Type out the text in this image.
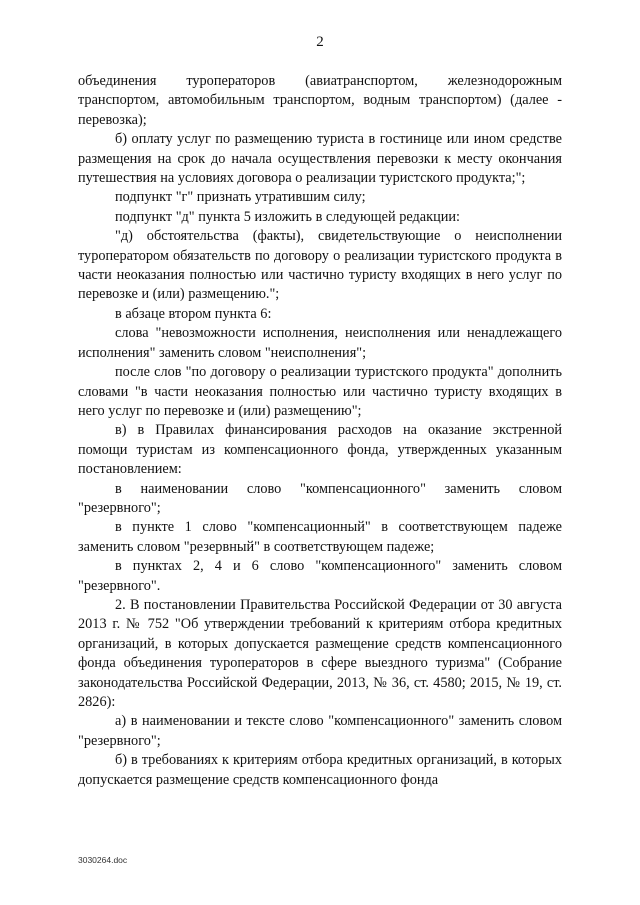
2

объединения туроператоров (авиатранспортом, железнодорожным транспортом, автомобильным транспортом, водным транспортом) (далее - перевозка);

б) оплату услуг по размещению туриста в гостинице или ином средстве размещения на срок до начала осуществления перевозки к месту окончания путешествия на условиях договора о реализации туристского продукта;";

подпункт "г" признать утратившим силу;

подпункт "д" пункта 5 изложить в следующей редакции:

"д) обстоятельства (факты), свидетельствующие о неисполнении туроператором обязательств по договору о реализации туристского продукта в части неоказания полностью или частично туристу входящих в него услуг по перевозке и (или) размещению.";

в абзаце втором пункта 6:

слова "невозможности исполнения, неисполнения или ненадлежащего исполнения" заменить словом "неисполнения";

после слов "по договору о реализации туристского продукта" дополнить словами "в части неоказания полностью или частично туристу входящих в него услуг по перевозке и (или) размещению";

в) в Правилах финансирования расходов на оказание экстренной помощи туристам из компенсационного фонда, утвержденных указанным постановлением:

в наименовании слово "компенсационного" заменить словом "резервного";

в пункте 1 слово "компенсационный" в соответствующем падеже заменить словом "резервный" в соответствующем падеже;

в пунктах 2, 4 и 6 слово "компенсационного" заменить словом "резервного".

2. В постановлении Правительства Российской Федерации от 30 августа 2013 г. № 752 "Об утверждении требований к критериям отбора кредитных организаций, в которых допускается размещение средств компенсационного фонда объединения туроператоров в сфере выездного туризма" (Собрание законодательства Российской Федерации, 2013, № 36, ст. 4580; 2015, № 19, ст. 2826):

а) в наименовании и тексте слово "компенсационного" заменить словом "резервного";

б) в требованиях к критериям отбора кредитных организаций, в которых допускается размещение средств компенсационного фонда

3030264.doc
